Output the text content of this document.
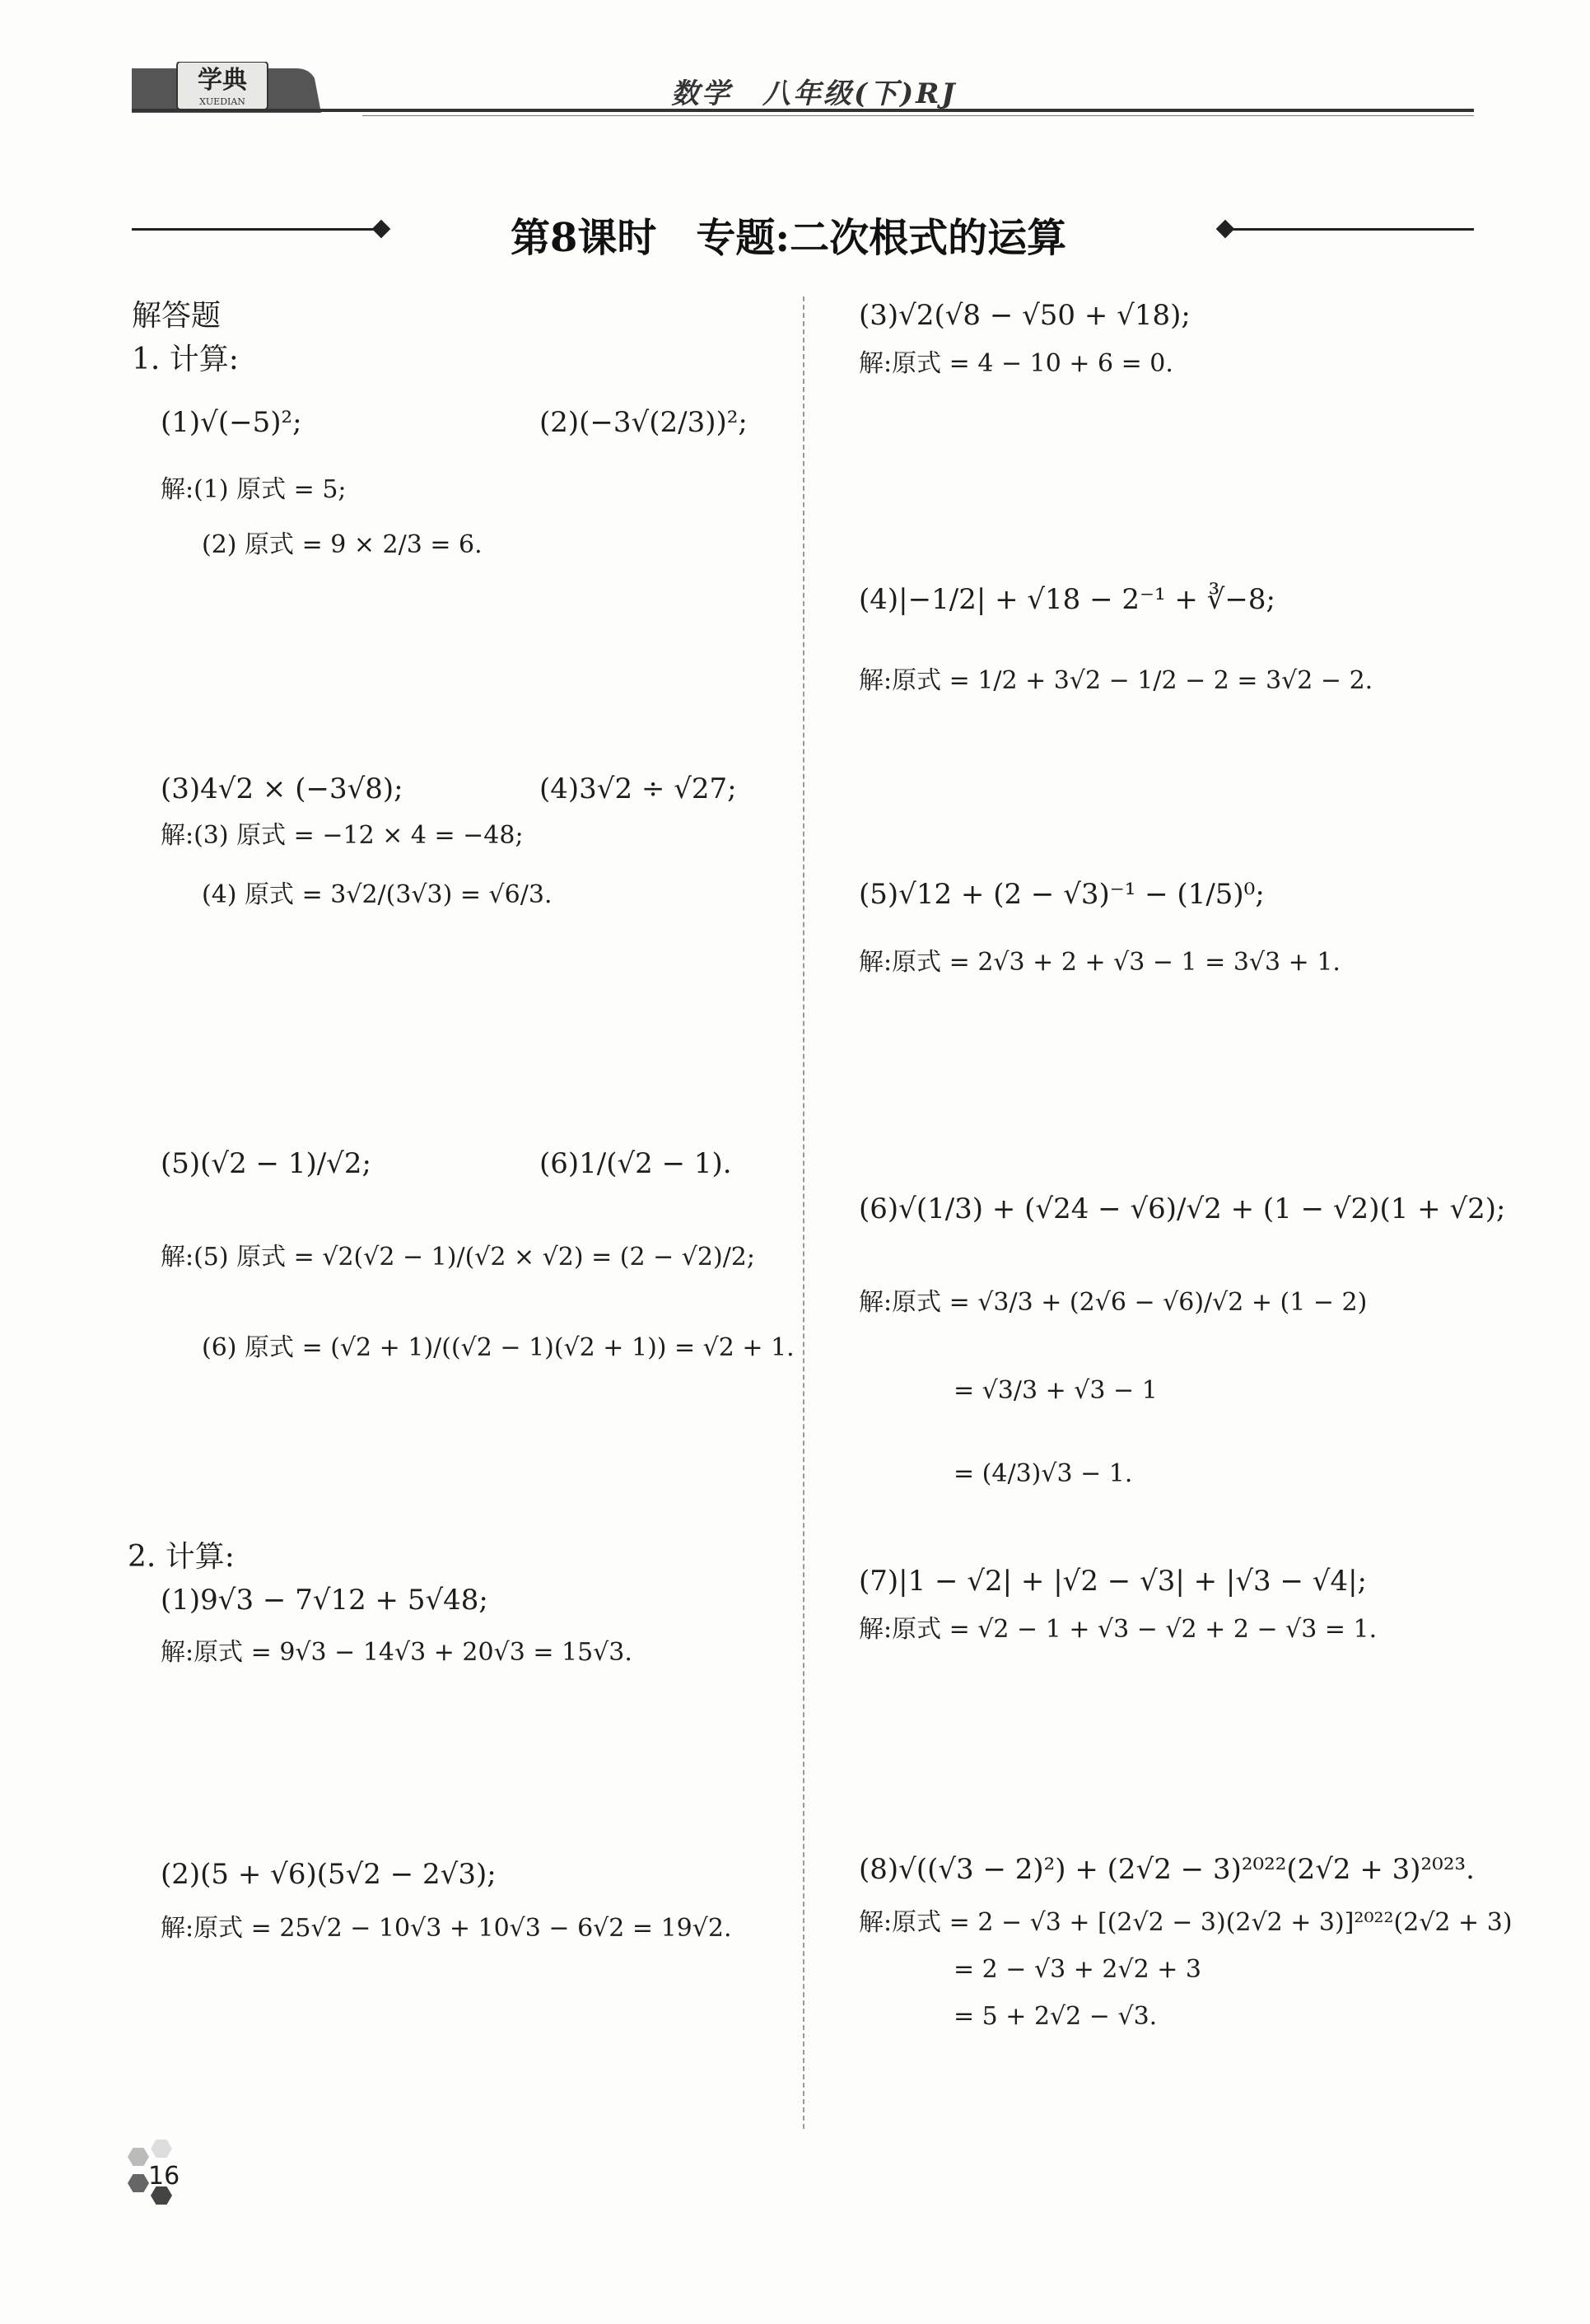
学典
XUEDIAN	数学　八年级(下)RJ
第8课时　专题:二次根式的运算
解答题
1. 计算:
(1)√(−5)²;	(2)(−3√(2/3))²;
解:(1) 原式 = 5;
(2) 原式 = 9 × 2/3 = 6.
(3)4√2 × (−3√8);	(4)3√2 ÷ √27;
解:(3) 原式 = −12 × 4 = −48;
(4) 原式 = 3√2/(3√3) = √6/3.
(5)(√2 − 1)/√2;	(6)1/(√2 − 1).
解:(5) 原式 = √2(√2 − 1)/(√2 × √2) = (2 − √2)/2;
(6) 原式 = (√2 + 1)/((√2 − 1)(√2 + 1)) = √2 + 1.
2. 计算:
(1)9√3 − 7√12 + 5√48;
解:原式 = 9√3 − 14√3 + 20√3 = 15√3.
(2)(5 + √6)(5√2 − 2√3);
解:原式 = 25√2 − 10√3 + 10√3 − 6√2 = 19√2.
(3)√2(√8 − √50 + √18);
解:原式 = 4 − 10 + 6 = 0.
(4)|−1/2| + √18 − 2⁻¹ + ∛−8;
解:原式 = 1/2 + 3√2 − 1/2 − 2 = 3√2 − 2.
(5)√12 + (2 − √3)⁻¹ − (1/5)⁰;
解:原式 = 2√3 + 2 + √3 − 1 = 3√3 + 1.
(6)√(1/3) + (√24 − √6)/√2 + (1 − √2)(1 + √2);
解:原式 = √3/3 + (2√6 − √6)/√2 + (1 − 2)
= √3/3 + √3 − 1
= (4/3)√3 − 1.
(7)|1 − √2| + |√2 − √3| + |√3 − √4|;
解:原式 = √2 − 1 + √3 − √2 + 2 − √3 = 1.
(8)√((√3 − 2)²) + (2√2 − 3)²⁰²²(2√2 + 3)²⁰²³.
解:原式 = 2 − √3 + [(2√2 − 3)(2√2 + 3)]²⁰²²(2√2 + 3)
= 2 − √3 + 2√2 + 3
= 5 + 2√2 − √3.
16
